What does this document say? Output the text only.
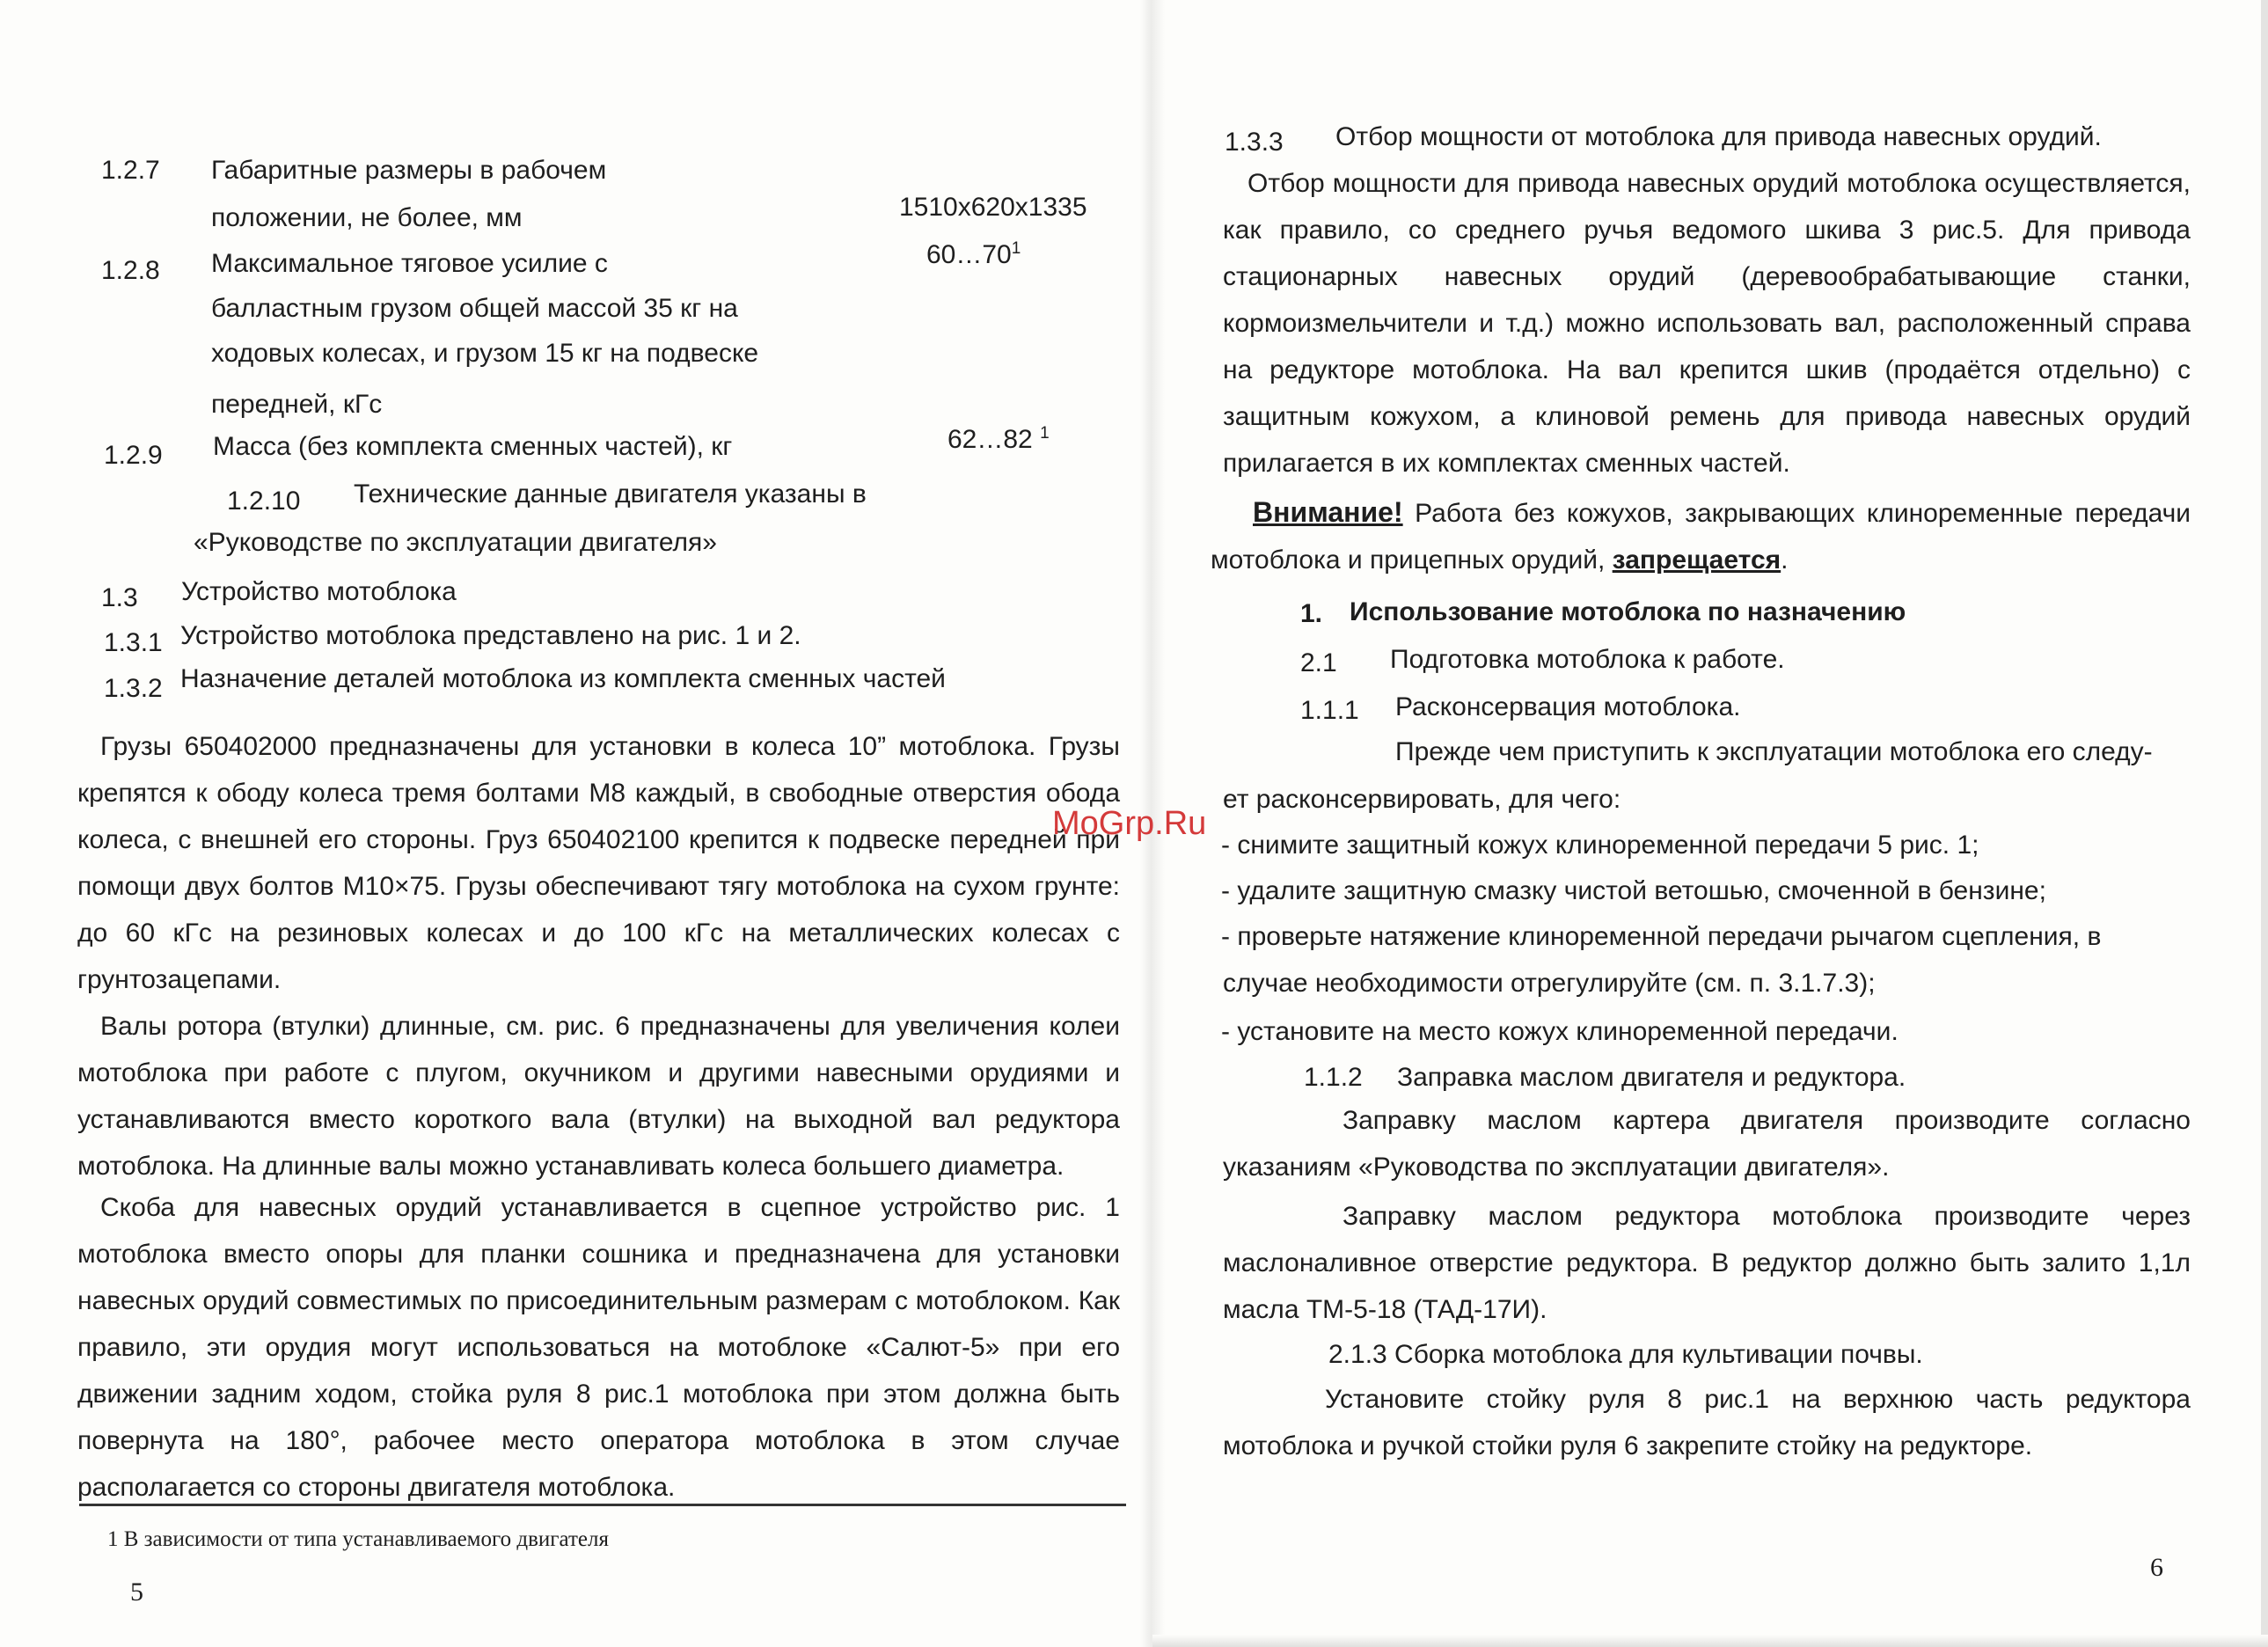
1.2.7 Габаритные размеры в рабочем
положении, не более, мм	1510x620x1335
1.2.8 Максимальное тяговое усилие с
балластным грузом общей массой 35 кг на
ходовых колесах, и грузом 15 кг на подвеске
передней, кГс
$60\dots 70^1$
1.2.9 Масса (без комплекта сменных частей), кг	62…82 $^1$
1.2.10 Технические данные двигателя указаны в
«Руководстве по эксплуатации двигателя»
1.3 Устройство мотоблока
1.3.1 Устройство мотоблока представлено на рис. 1 и 2.
1.3.2 Назначение деталей мотоблока из комплекта сменных частей

Грузы 650402000 предназначены для установки в колеса 10” мотоблока. Грузы крепятся к ободу колеса тремя болтами М8 каждый, в свободные отверстия обода колеса, с внешней его стороны. Груз 650402100 крепится к подвеске передней при помощи двух болтов М10×75. Грузы обеспечивают тягу мотоблока на сухом грунте: до 60 кГс на резиновых колесах и до 100 кГс на металлических колесах с грунтозацепами.

Валы ротора (втулки) длинные, см. рис. 6 предназначены для увеличения колеи мотоблока при работе с плугом, окучником и другими навесными орудиями и устанавливаются вместо короткого вала (втулки) на выходной вал редуктора мотоблока. На длинные валы можно устанавливать колеса большего диаметра.

Скоба для навесных орудий устанавливается в сцепное устройство рис. 1 мотоблока вместо опоры для планки сошника и предназначена для установки навесных орудий совместимых по присоединительным размерам с мотоблоком. Как правило, эти орудия могут использоваться на мотоблоке «Салют-5» при его движении задним ходом, стойка руля 8 рис.1 мотоблока при этом должна быть повернута на 180°, рабочее место оператора мотоблока в этом случае располагается со стороны двигателя мотоблока.

1 В зависимости от типа устанавливаемого двигателя
5
MoGrp.Ru
1.3.3 Отбор мощности от мотоблока для привода навесных орудий.

Отбор мощности для привода навесных орудий мотоблока осуществляется, как правило, со среднего ручья ведомого шкива 3 рис.5. Для привода стационарных навесных орудий (деревообрабатывающие станки, кормоизмельчители и т.д.) можно использовать вал, расположенный справа на редукторе мотоблока. На вал крепится шкив (продаётся отдельно) с защитным кожухом, а клиновой ремень для привода навесных орудий прилагается в их комплектах сменных частей.

Внимание! Работа без кожухов, закрывающих клиноременные передачи мотоблока и прицепных орудий, запрещается.

1. Использование мотоблока по назначению
2.1 Подготовка мотоблока к работе.
1.1.1 Расконсервация мотоблока.
Прежде чем приступить к эксплуатации мотоблока его следу-
ет расконсервировать, для чего:
- снимите защитный кожух клиноременной передачи 5 рис. 1;
- удалите защитную смазку чистой ветошью, смоченной в бензине;
- проверьте натяжение клиноременной передачи рычагом сцепления, в
случае необходимости отрегулируйте (см. п. 3.1.7.3);
- установите на место кожух клиноременной передачи.
1.1.2 Заправка маслом двигателя и редуктора.

Заправку маслом картера двигателя производите согласно указаниям «Руководства по эксплуатации двигателя».

Заправку маслом редуктора мотоблока производите через маслоналивное отверстие редуктора. В редуктор должно быть залито 1,1л масла ТМ-5-18 (ТАД-17И).

2.1.3 Сборка мотоблока для культивации почвы.

Установите стойку руля 8 рис.1 на верхнюю часть редуктора мотоблока и ручкой стойки руля 6 закрепите стойку на редукторе.

6
